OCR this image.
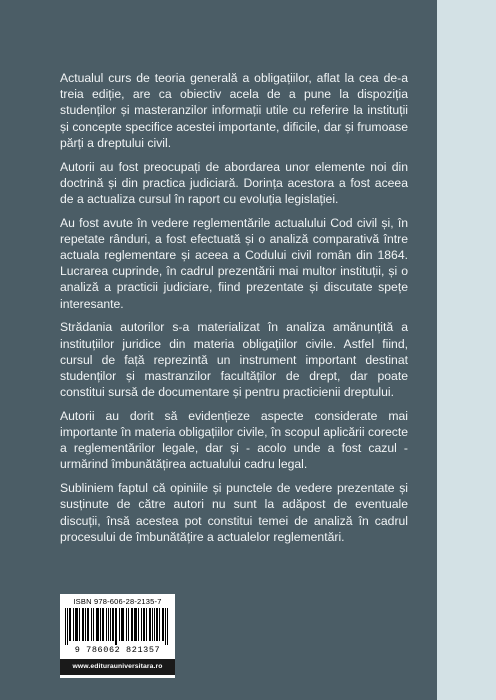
Actualul curs de teoria generală a obligațiilor, aflat la cea de-a treia ediție, are ca obiectiv acela de a pune la dispoziția studenților și masteranzilor informații utile cu referire la instituții și concepte specifice acestei importante, dificile, dar și frumoase părți a dreptului civil.

Autorii au fost preocupați de abordarea unor elemente noi din doctrină și din practica judiciară. Dorința acestora a fost aceea de a actualiza cursul în raport cu evoluția legislației.

Au fost avute în vedere reglementările actualului Cod civil și, în repetate rânduri, a fost efectuată și o analiză comparativă între actuala reglementare și aceea a Codului civil român din 1864. Lucrarea cuprinde, în cadrul prezentării mai multor instituții, și o analiză a practicii judiciare, fiind prezentate și discutate spețe interesante.

Strădania autorilor s-a materializat în analiza amănunțită a instituțiilor juridice din materia obligațiilor civile. Astfel fiind, cursul de față reprezintă un instrument important destinat studenților și mastranzilor facultăților de drept, dar poate constitui sursă de documentare și pentru practicienii dreptului.

Autorii au dorit să evidențieze aspecte considerate mai importante în materia obligațiilor civile, în scopul aplicării corecte a reglementărilor legale, dar și - acolo unde a fost cazul - urmărind îmbunătățirea actualului cadru legal.

Subliniem faptul că opiniile și punctele de vedere prezentate și susținute de către autori nu sunt la adăpost de eventuale discuții, însă acestea pot constitui temei de analiză în cadrul procesului de îmbunătățire a actualelor reglementări.

ISBN 978-606-28-2135-7
9 786062 821357
www.editurauniversitara.ro
